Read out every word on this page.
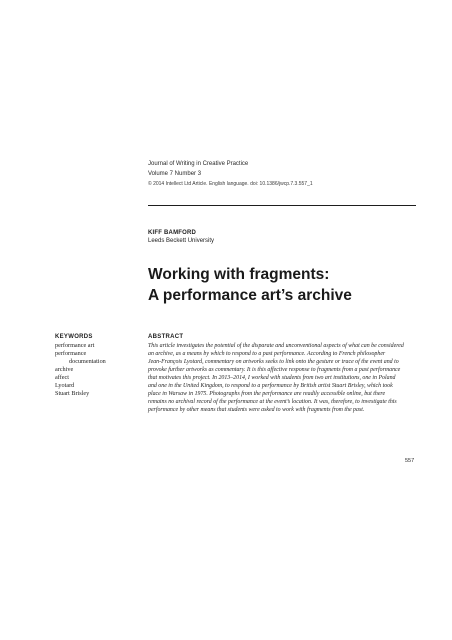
Journal of Writing in Creative Practice
Volume 7 Number 3
© 2014 Intellect Ltd Article. English language. doi: 10.1386/jwcp.7.3.557_1
KIFF BAMFORD
Leeds Beckett University
Working with fragments:
A performance art’s archive
KEYWORDS
performance art
performance
documentation
archive
affect
Lyotard
Stuart Brisley
ABSTRACT
This article investigates the potential of the disparate and unconventional aspects of what can be considered
an archive, as a means by which to respond to a past performance. According to French philosopher
Jean-François Lyotard, commentary on artworks seeks to link onto the gesture or trace of the event and to
provoke further artworks as commentary. It is this affective response to fragments from a past performance
that motivates this project. In 2013–2014, I worked with students from two art institutions, one in Poland
and one in the United Kingdom, to respond to a performance by British artist Stuart Brisley, which took
place in Warsaw in 1975. Photographs from the performance are readily accessible online, but there
remains no archival record of the performance at the event’s location. It was, therefore, to investigate this
performance by other means that students were asked to work with fragments from the past.
557
